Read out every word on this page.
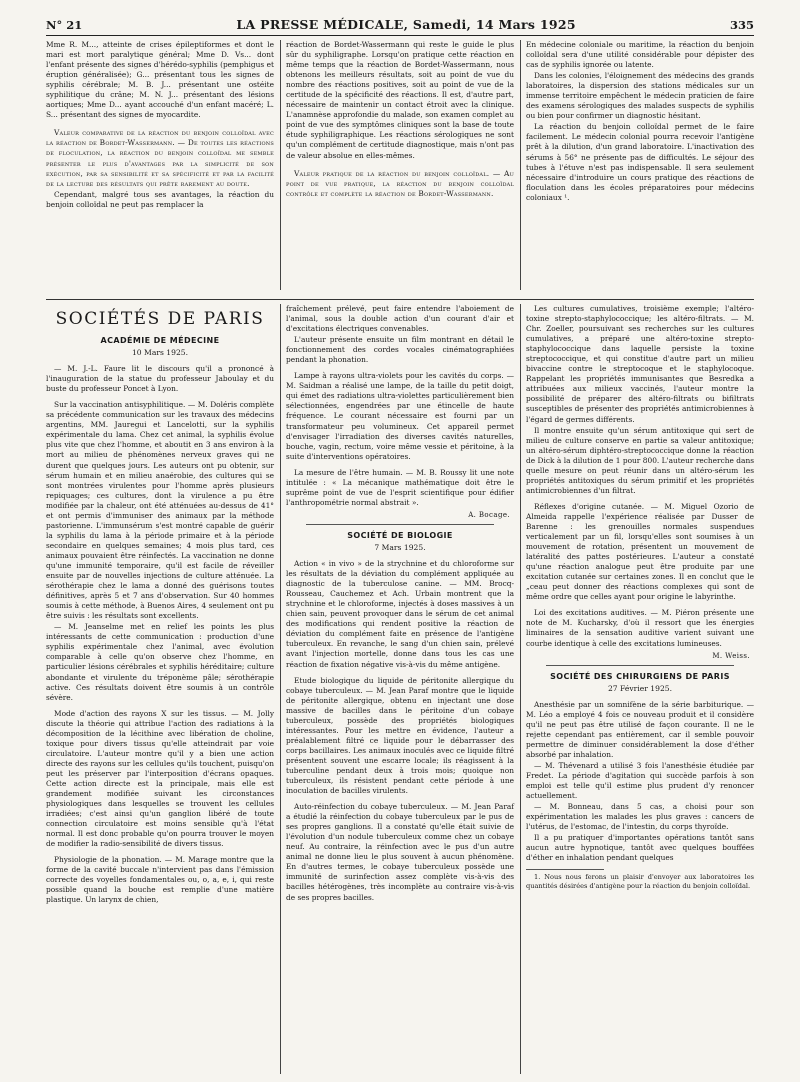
N° 21	LA PRESSE MÉDICALE, Samedi, 14 Mars 1925	335

Mme R. M..., atteinte de crises épileptiformes et dont le mari est mort paralytique général; Mme D. Vs... dont l'enfant présente des signes d'hérédo-syphilis (pemphigus et éruption généralisée); G... présentant tous les signes de syphilis cérébrale; M. B. J... présentant une ostéite syphilitique du crâne; M. N. J... présentant des lésions aortiques; Mme D... ayant accouché d'un enfant macéré; L. S... présentant des signes de myocardite.

Valeur comparative de la réaction du benjoin colloïdal avec la réaction de Bordet-Wassermann. — De toutes les réactions de floculation, la réaction du benjoin colloïdal me semble présenter le plus d'avantages par la simplicité de son exécution, par sa sensibilité et sa spécificité et par la facilité de la lecture des résultats qui prête rarement au doute.

Cependant, malgré tous ses avantages, la réaction du benjoin colloïdal ne peut pas remplacer la

réaction de Bordet-Wassermann qui reste le guide le plus sûr du syphiligraphe. Lorsqu'on pratique cette réaction en même temps que la réaction de Bordet-Wassermann, nous obtenons les meilleurs résultats, soit au point de vue du nombre des réactions positives, soit au point de vue de la certitude de la spécificité des réactions. Il est, d'autre part, nécessaire de maintenir un contact étroit avec la clinique. L'anamnèse approfondie du malade, son examen complet au point de vue des symptômes cliniques sont la base de toute étude syphiligraphique. Les réactions sérologiques ne sont qu'un complément de certitude diagnostique, mais n'ont pas de valeur absolue en elles-mêmes.

Valeur pratique de la réaction du benjoin colloïdal. — Au point de vue pratique, la réaction du benjoin colloïdal contrôle et complète la réaction de Bordet-Wassermann.

En médecine coloniale ou maritime, la réaction du benjoin colloïdal sera d'une utilité considérable pour dépister des cas de syphilis ignorée ou latente.

Dans les colonies, l'éloignement des médecins des grands laboratoires, la dispersion des stations médicales sur un immense territoire empêchent le médecin praticien de faire des examens sérologiques des malades suspects de syphilis ou bien pour confirmer un diagnostic hésitant.

La réaction du benjoin colloïdal permet de le faire facilement. Le médecin colonial pourra recevoir l'antigène prêt à la dilution, d'un grand laboratoire. L'inactivation des sérums à 56° ne présente pas de difficultés. Le séjour des tubes à l'étuve n'est pas indispensable. Il sera seulement nécessaire d'introduire un cours pratique des réactions de floculation dans les écoles préparatoires pour médecins coloniaux ¹.

SOCIÉTÉS DE PARIS
ACADÉMIE DE MÉDECINE
10 Mars 1925.

— M. J.-L. Faure lit le discours qu'il a prononcé à l'inauguration de la statue du professeur Jaboulay et du buste du professeur Poncet à Lyon.

Sur la vaccination antisyphilitique. — M. Doléris complète sa précédente communication sur les travaux des médecins argentins, MM. Jauregui et Lancelotti, sur la syphilis expérimentale du lama. Chez cet animal, la syphilis évolue plus vite que chez l'homme, et aboutit en 3 ans environ à la mort au milieu de phénomènes nerveux graves qui ne durent que quelques jours. Les auteurs ont pu obtenir, sur sérum humain et en milieu anaérobie, des cultures qui se sont montrées virulentes pour l'homme après plusieurs repiquages; ces cultures, dont la virulence a pu être modifiée par la chaleur, ont été atténuées au-dessus de 41° et ont permis d'immuniser des animaux par la méthode pastorienne. L'immunsérum s'est montré capable de guérir la syphilis du lama à la période primaire et à la période secondaire en quelques semaines; 4 mois plus tard, ces animaux pouvaient être réinfectés. La vaccination ne donne qu'une immunité temporaire, qu'il est facile de réveiller ensuite par de nouvelles injections de culture atténuée. La sérothérapie chez le lama a donné des guérisons toutes définitives, après 5 et 7 ans d'observation. Sur 40 hommes soumis à cette méthode, à Buenos Aires, 4 seulement ont pu être suivis : les résultats sont excellents.

— M. Jeanselme met en relief les points les plus intéressants de cette communication : production d'une syphilis expérimentale chez l'animal, avec évolution comparable à celle qu'on observe chez l'homme, en particulier lésions cérébrales et syphilis héréditaire; culture abondante et virulente du tréponème pâle; sérothérapie active. Ces résultats doivent être soumis à un contrôle sévère.

Mode d'action des rayons X sur les tissus. — M. Jolly discute la théorie qui attribue l'action des radiations à la décomposition de la lécithine avec libération de choline, toxique pour divers tissus qu'elle atteindrait par voie circulatoire. L'auteur montre qu'il y a bien une action directe des rayons sur les cellules qu'ils touchent, puisqu'on peut les préserver par l'interposition d'écrans opaques. Cette action directe est la principale, mais elle est grandement modifiée suivant les circonstances physiologiques dans lesquelles se trouvent les cellules irradiées; c'est ainsi qu'un ganglion libéré de toute connection circulatoire est moins sensible qu'à l'état normal. Il est donc probable qu'on pourra trouver le moyen de modifier la radio-sensibilité de divers tissus.

Physiologie de la phonation. — M. Marage montre que la forme de la cavité buccale n'intervient pas dans l'émission correcte des voyelles fondamentales ou, o, a, e, i, qui reste possible quand la bouche est remplie d'une matière plastique. Un larynx de chien,

fraîchement prélevé, peut faire entendre l'aboiement de l'animal, sous la double action d'un courant d'air et d'excitations électriques convenables.

L'auteur présente ensuite un film montrant en détail le fonctionnement des cordes vocales cinématographiées pendant la phonation.

Lampe à rayons ultra-violets pour les cavités du corps. — M. Saidman a réalisé une lampe, de la taille du petit doigt, qui émet des radiations ultra-violettes particulièrement bien sélectionnées, engendrées par une étincelle de haute fréquence. Le courant nécessaire est fourni par un transformateur peu volumineux. Cet appareil permet d'envisager l'irradiation des diverses cavités naturelles, bouche, vagin, rectum, voire même vessie et péritoine, à la suite d'interventions opératoires.

La mesure de l'être humain. — M. B. Roussy lit une note intitulée : « La mécanique mathématique doit être le suprême point de vue de l'esprit scientifique pour édifier l'anthropométrie normal abstrait ».

A. Bocage.
SOCIÉTÉ DE BIOLOGIE
7 Mars 1925.

Action « in vivo » de la strychnine et du chloroforme sur les résultats de la déviation du complément appliquée au diagnostic de la tuberculose canine. — MM. Brocq-Rousseau, Cauchemez et Ach. Urbain montrent que la strychnine et le chloroforme, injectés à doses massives à un chien sain, peuvent provoquer dans le sérum de cet animal des modifications qui rendent positive la réaction de déviation du complément faite en présence de l'antigène tuberculeux. En revanche, le sang d'un chien sain, prélevé avant l'injection mortelle, donne dans tous les cas une réaction de fixation négative vis-à-vis du même antigène.

Etude biologique du liquide de péritonite allergique du cobaye tuberculeux. — M. Jean Paraf montre que le liquide de péritonite allergique, obtenu en injectant une dose massive de bacilles dans le péritoine d'un cobaye tuberculeux, possède des propriétés biologiques intéressantes. Pour les mettre en évidence, l'auteur a préalablement filtré ce liquide pour le débarrasser des corps bacillaires. Les animaux inoculés avec ce liquide filtré présentent souvent une escarre locale; ils réagissent à la tuberculine pendant deux à trois mois; quoique non tuberculeux, ils résistent pendant cette période à une inoculation de bacilles virulents.

Auto-réinfection du cobaye tuberculeux. — M. Jean Paraf a étudié la réinfection du cobaye tuberculeux par le pus de ses propres ganglions. Il a constaté qu'elle était suivie de l'évolution d'un nodule tuberculeux comme chez un cobaye neuf. Au contraire, la réinfection avec le pus d'un autre animal ne donne lieu le plus souvent à aucun phénomène. En d'autres termes, le cobaye tuberculeux possède une immunité de surinfection assez complète vis-à-vis des bacilles hétérogènes, très incomplète au contraire vis-à-vis de ses propres bacilles.

Les cultures cumulatives, troisième exemple; l'altéro-toxine strepto-staphylococcique; les altéro-filtrats. — M. Chr. Zoeller, poursuivant ses recherches sur les cultures cumulatives, a préparé une altéro-toxine strepto-staphylococcique dans laquelle persiste la toxine streptococcique, et qui constitue d'autre part un milieu bivaccine contre le streptocoque et le staphylocoque. Rappelant les propriétés immunisantes que Besredka a attribuées aux milieux vaccinés, l'auteur montre la possibilité de préparer des altéro-filtrats ou bifiltrats susceptibles de présenter des propriétés antimicrobiennes à l'égard de germes différents.

Il montre ensuite qu'un sérum antitoxique qui sert de milieu de culture conserve en partie sa valeur antitoxique; un altéro-sérum diphtéro-streptococcique donne la réaction de Dick à la dilution de 1 pour 800. L'auteur recherche dans quelle mesure on peut réunir dans un altéro-sérum les propriétés antitoxiques du sérum primitif et les propriétés antimicrobiennes d'un filtrat.

Réflexes d'origine cutanée. — M. Miguel Ozorio de Almeida rappelle l'expérience réalisée par Dusser de Barenne : les grenouilles normales suspendues verticalement par un fil, lorsqu'elles sont soumises à un mouvement de rotation, présentent un mouvement de latéralité des pattes postérieures. L'auteur a constaté qu'une réaction analogue peut être produite par une excitation cutanée sur certaines zones. Il en conclut que le „ceau peut donner des réactions complexes qui sont de même ordre que celles ayant pour origine le labyrinthe.

Loi des excitations auditives. — M. Piéron présente une note de M. Kucharsky, d'où il ressort que les énergies liminaires de la sensation auditive varient suivant une courbe identique à celle des excitations lumineuses.

M. Weiss.
SOCIÉTÉ DES CHIRURGIENS DE PARIS
27 Février 1925.

Anesthésie par un somnifène de la série barbiturique. — M. Léo a employé 4 fois ce nouveau produit et il considère qu'il ne peut pas être utilisé de façon courante. Il ne le rejette cependant pas entièrement, car il semble pouvoir permettre de diminuer considérablement la dose d'éther absorbé par inhalation.

— M. Thévenard a utilisé 3 fois l'anesthésie étudiée par Fredet. La période d'agitation qui succède parfois à son emploi est telle qu'il estime plus prudent d'y renoncer actuellement.

— M. Bonneau, dans 5 cas, a choisi pour son expérimentation les malades les plus graves : cancers de l'utérus, de l'estomac, de l'intestin, du corps thyroïde.

Il a pu pratiquer d'importantes opérations tantôt sans aucun autre hypnotique, tantôt avec quelques bouffées d'éther en inhalation pendant quelques

1. Nous nous ferons un plaisir d'envoyer aux laboratoires les quantités désirées d'antigène pour la réaction du benjoin colloïdal.
